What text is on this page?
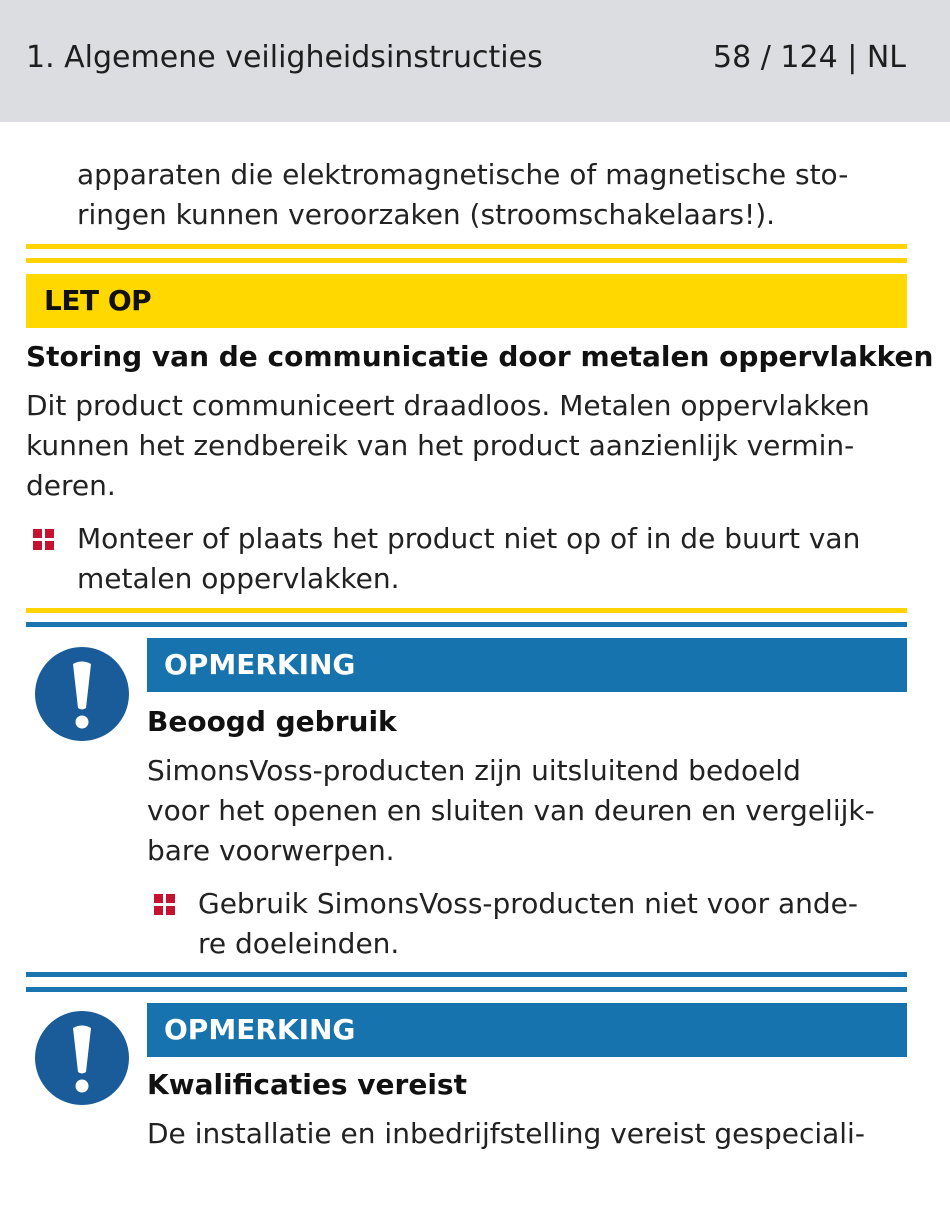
1. Algemene veiligheidsinstructies	58 / 124 | NL
apparaten die elektromagnetische of magnetische sto-
ringen kunnen veroorzaken (stroomschakelaars!).
LET OP
Storing van de communicatie door metalen oppervlakken
Dit product communiceert draadloos. Metalen oppervlakken
kunnen het zendbereik van het product aanzienlijk vermin-
deren.
Monteer of plaats het product niet op of in de buurt van
metalen oppervlakken.
OPMERKING
Beoogd gebruik
SimonsVoss-producten zijn uitsluitend bedoeld
voor het openen en sluiten van deuren en vergelijk-
bare voorwerpen.
Gebruik SimonsVoss-producten niet voor ande-
re doeleinden.
OPMERKING
Kwalificaties vereist
De installatie en inbedrijfstelling vereist gespeciali-
